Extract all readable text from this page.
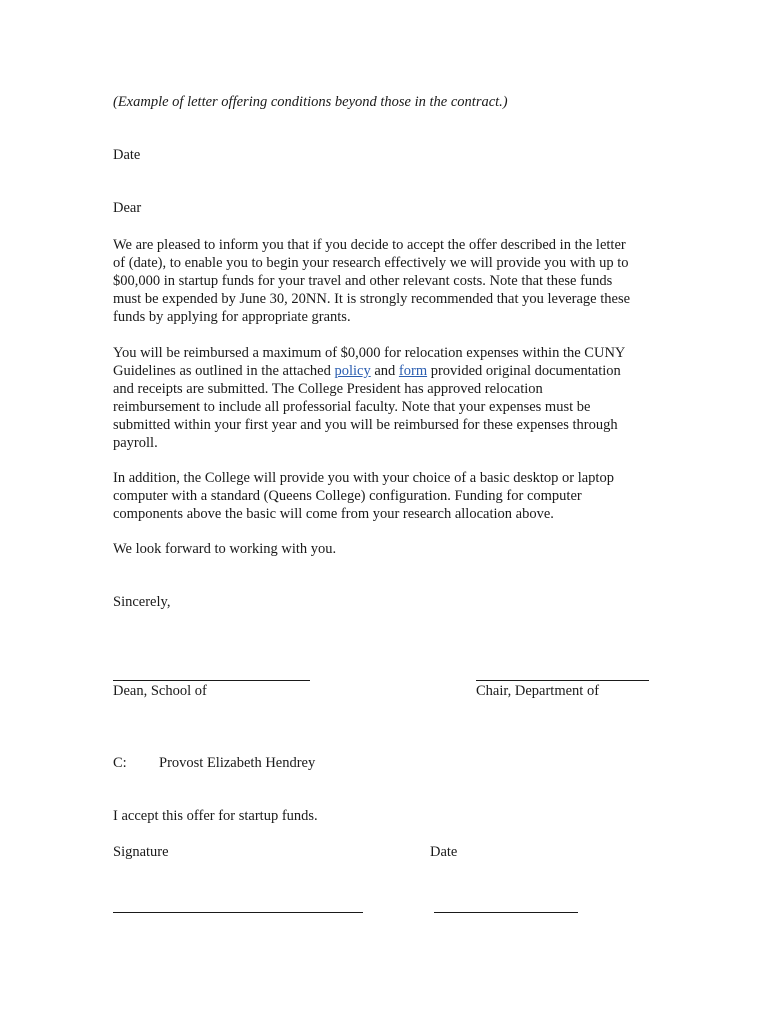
(Example of letter offering conditions beyond those in the contract.)
Date
Dear
We are pleased to inform you that if you decide to accept the offer described in the letter
of (date), to enable you to begin your research effectively we will provide you with up to
$00,000 in startup funds for your travel and other relevant costs. Note that these funds
must be expended by June 30, 20NN. It is strongly recommended that you leverage these
funds by applying for appropriate grants.
You will be reimbursed a maximum of $0,000 for relocation expenses within the CUNY
Guidelines as outlined in the attached policy and form provided original documentation
and receipts are submitted. The College President has approved relocation
reimbursement to include all professorial faculty. Note that your expenses must be
submitted within your first year and you will be reimbursed for these expenses through
payroll.
In addition, the College will provide you with your choice of a basic desktop or laptop
computer with a standard (Queens College) configuration. Funding for computer
components above the basic will come from your research allocation above.
We look forward to working with you.
Sincerely,
Dean, School of	Chair, Department of
C: Provost Elizabeth Hendrey
I accept this offer for startup funds.
Signature	Date
